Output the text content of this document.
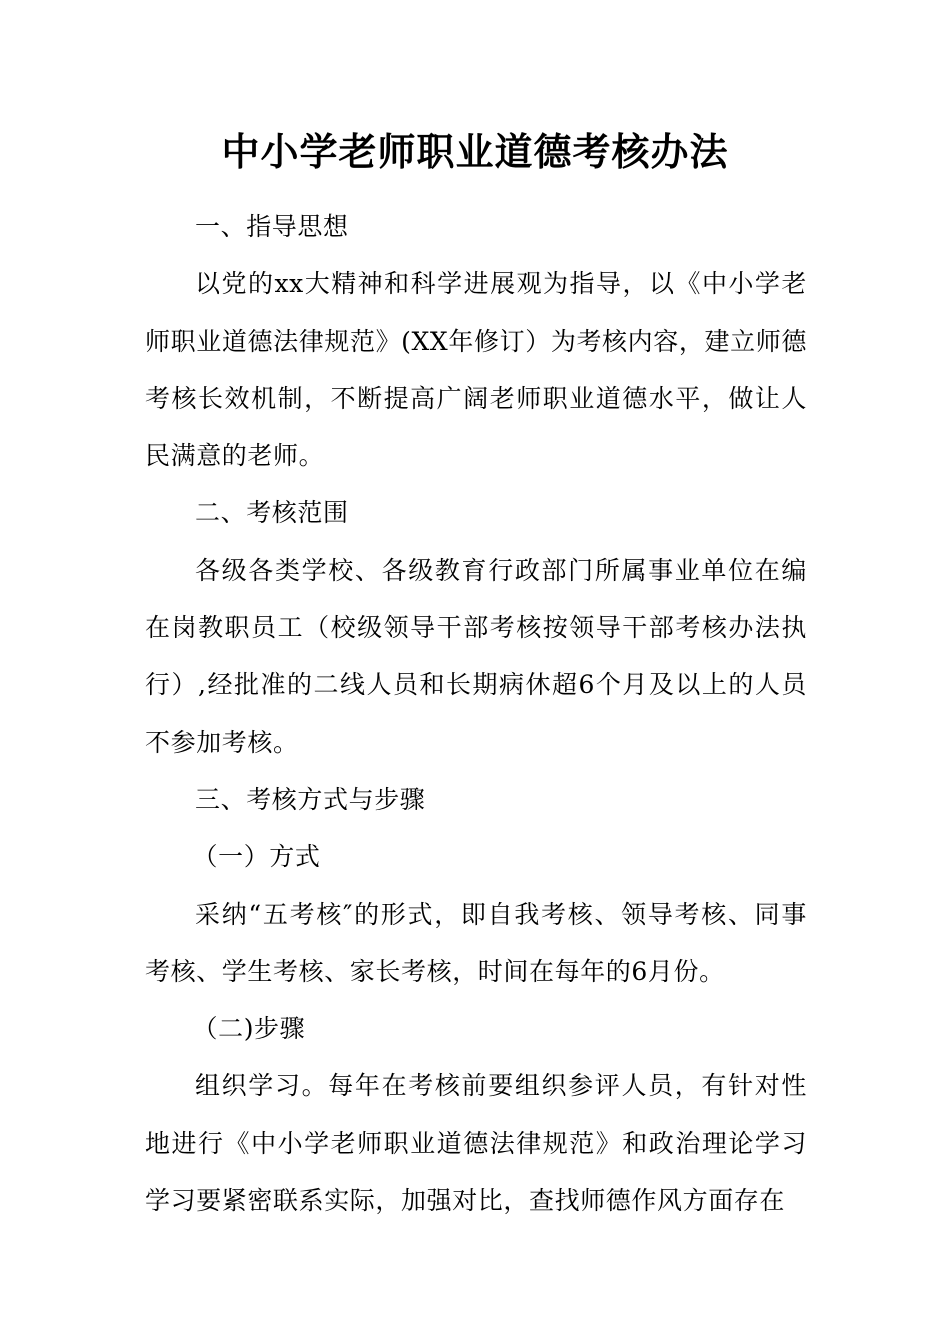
中小学老师职业道德考核办法

一、指导思想

以党的xx大精神和科学进展观为指导，以《中小学老师职业道德法律规范》(XX年修订）为考核内容，建立师德考核长效机制，不断提高广阔老师职业道德水平，做让人民满意的老师。

二、考核范围

各级各类学校、各级教育行政部门所属事业单位在编在岗教职员工（校级领导干部考核按领导干部考核办法执行）,经批准的二线人员和长期病休超6个月及以上的人员不参加考核。

三、考核方式与步骤

（一）方式

采纳“五考核″的形式，即自我考核、领导考核、同事考核、学生考核、家长考核，时间在每年的6月份。

（二)步骤

组织学习。每年在考核前要组织参评人员，有针对性地进行《中小学老师职业道德法律规范》和政治理论学习学习要紧密联系实际，加强对比，查找师德作风方面存在
